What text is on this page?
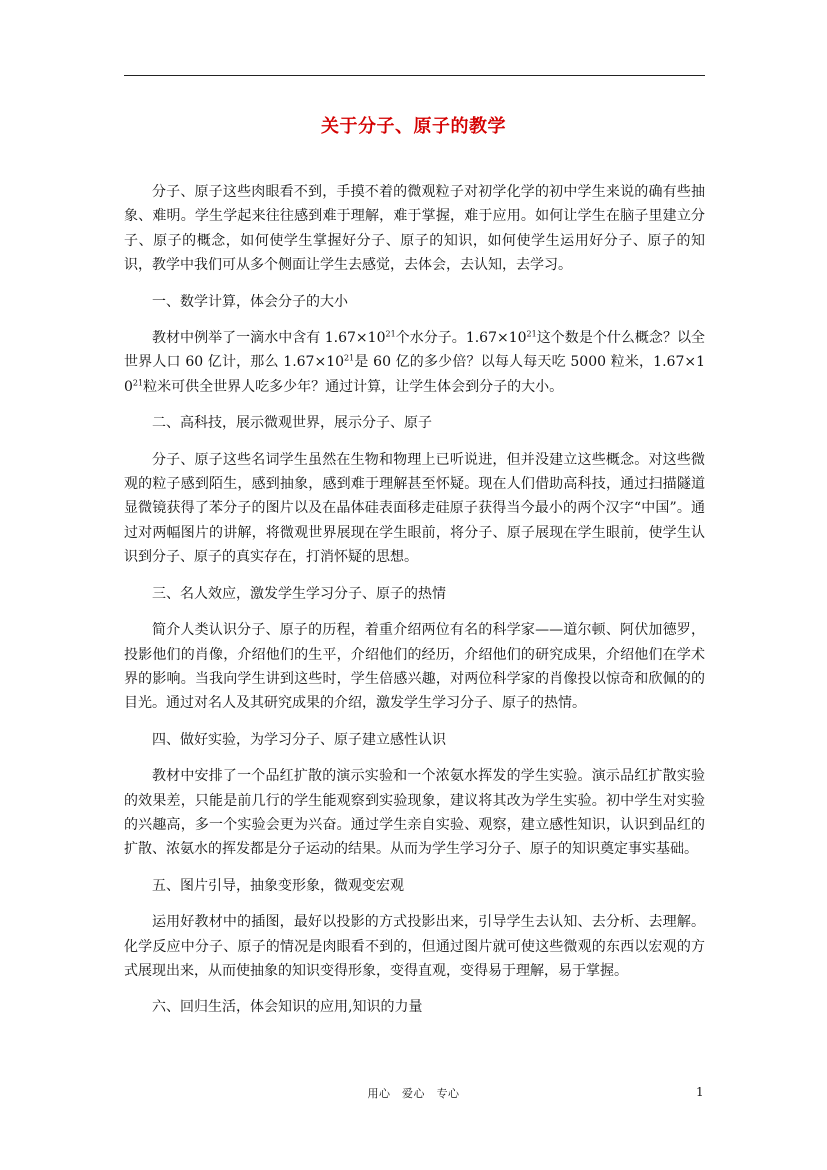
关于分子、原子的教学

分子、原子这些肉眼看不到，手摸不着的微观粒子对初学化学的初中学生来说的确有些抽象、难明。学生学起来往往感到难于理解，难于掌握，难于应用。如何让学生在脑子里建立分子、原子的概念，如何使学生掌握好分子、原子的知识，如何使学生运用好分子、原子的知识，教学中我们可从多个侧面让学生去感觉，去体会，去认知，去学习。

一、数学计算，体会分子的大小

教材中例举了一滴水中含有 $1.67\times 10^{21}$个水分子。$1.67\times 10^{21}$这个数是个什么概念？以全世界人口 60 亿计，那么 $1.67\times 10^{21}$是 60 亿的多少倍？以每人每天吃 5000 粒米，$1.67\times 10^{21}$粒米可供全世界人吃多少年？通过计算，让学生体会到分子的大小。

二、高科技，展示微观世界，展示分子、原子

分子、原子这些名词学生虽然在生物和物理上已听说进，但并没建立这些概念。对这些微观的粒子感到陌生，感到抽象，感到难于理解甚至怀疑。现在人们借助高科技，通过扫描隧道显微镜获得了苯分子的图片以及在晶体硅表面移走硅原子获得当今最小的两个汉字“中国”。通过对两幅图片的讲解，将微观世界展现在学生眼前，将分子、原子展现在学生眼前，使学生认识到分子、原子的真实存在，打消怀疑的思想。

三、名人效应，激发学生学习分子、原子的热情

简介人类认识分子、原子的历程，着重介绍两位有名的科学家——道尔顿、阿伏加德罗，投影他们的肖像，介绍他们的生平，介绍他们的经历，介绍他们的研究成果，介绍他们在学术界的影响。当我向学生讲到这些时，学生倍感兴趣，对两位科学家的肖像投以惊奇和欣佩的的目光。通过对名人及其研究成果的介绍，激发学生学习分子、原子的热情。

四、做好实验，为学习分子、原子建立感性认识

教材中安排了一个品红扩散的演示实验和一个浓氨水挥发的学生实验。演示品红扩散实验的效果差，只能是前几行的学生能观察到实验现象，建议将其改为学生实验。初中学生对实验的兴趣高，多一个实验会更为兴奋。通过学生亲自实验、观察，建立感性知识，认识到品红的扩散、浓氨水的挥发都是分子运动的结果。从而为学生学习分子、原子的知识奠定事实基础。

五、图片引导，抽象变形象，微观变宏观

运用好教材中的插图，最好以投影的方式投影出来，引导学生去认知、去分析、去理解。化学反应中分子、原子的情况是肉眼看不到的，但通过图片就可使这些微观的东西以宏观的方式展现出来，从而使抽象的知识变得形象，变得直观，变得易于理解，易于掌握。

六、回归生活，体会知识的应用,知识的力量

用心　爱心　专心	1
